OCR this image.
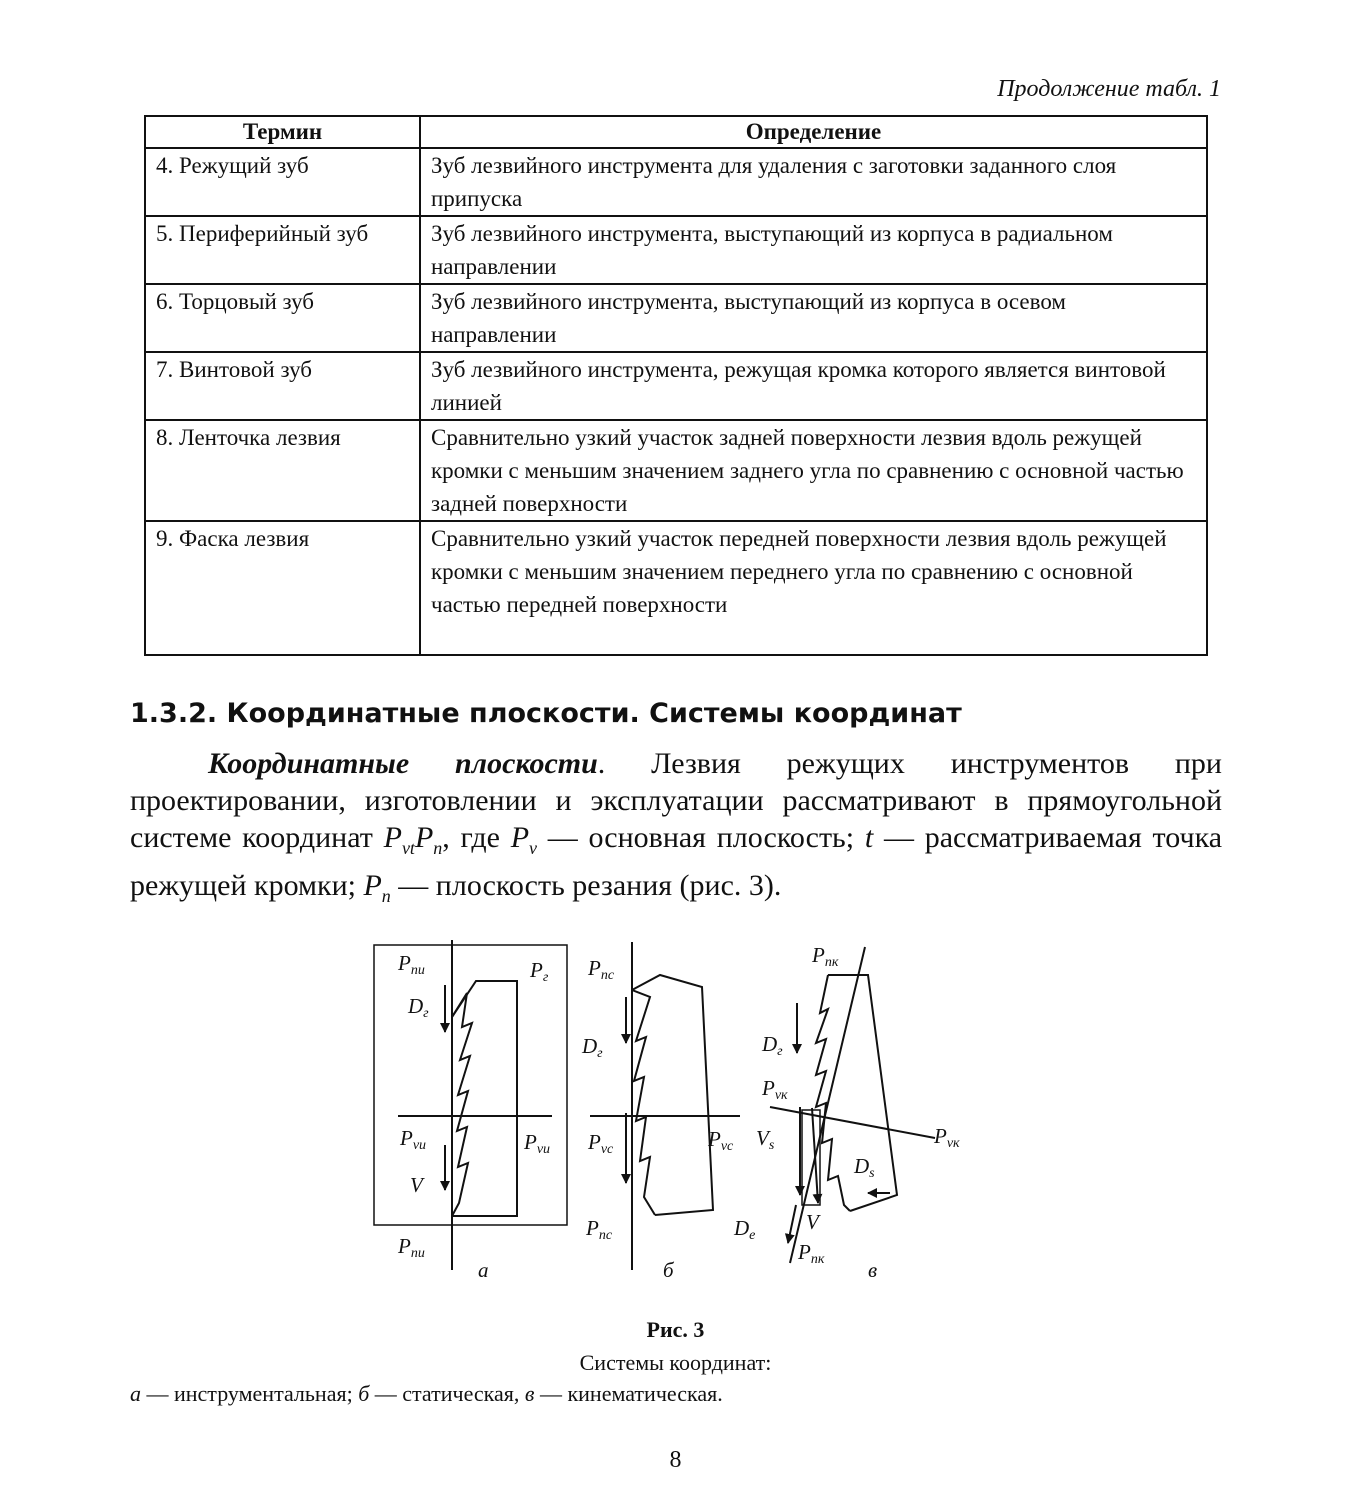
Продолжение табл. 1
Термин	Определение
4. Режущий зуб	Зуб лезвийного инструмента для удаления с заготовки заданного слоя припуска
5. Периферийный зуб	Зуб лезвийного инструмента, выступающий из корпуса в радиальном направлении
6. Торцовый зуб	Зуб лезвийного инструмента, выступающий из корпуса в осевом направлении
7. Винтовой зуб	Зуб лезвийного инструмента, режущая кромка которого является винтовой линией
8. Ленточка лезвия	Сравнительно узкий участок задней поверхности лезвия вдоль режущей кромки с меньшим значением заднего угла по сравнению с основной частью задней поверхности
9. Фаска лезвия	Сравнительно узкий участок передней поверхности лезвия вдоль режущей кромки с меньшим значением переднего угла по сравнению с основной частью передней поверхности
1.3.2. Координатные плоскости. Системы координат

Координатные плоскости. Лезвия режущих инструментов при проектировании, изготовлении и эксплуатации рассматривают в прямоугольной системе координат $P_{vt}P_n$, где $P_v$ — основная плоскость; t — рассматриваемая точка режущей кромки; $P_n$ — плоскость резания (рис. 3).

Pnи	Pг
Dг
Pvи	Pvи
V
Pnи
а
Pnс
Dг
Pvс	Pvс
Pnс
б
Pnк
Dг
Pvк
Pvк
Vs
Ds
V
De
Pnк в
Рис. 3
Системы координат:
а — инструментальная; б — статическая, в — кинематическая.
8
